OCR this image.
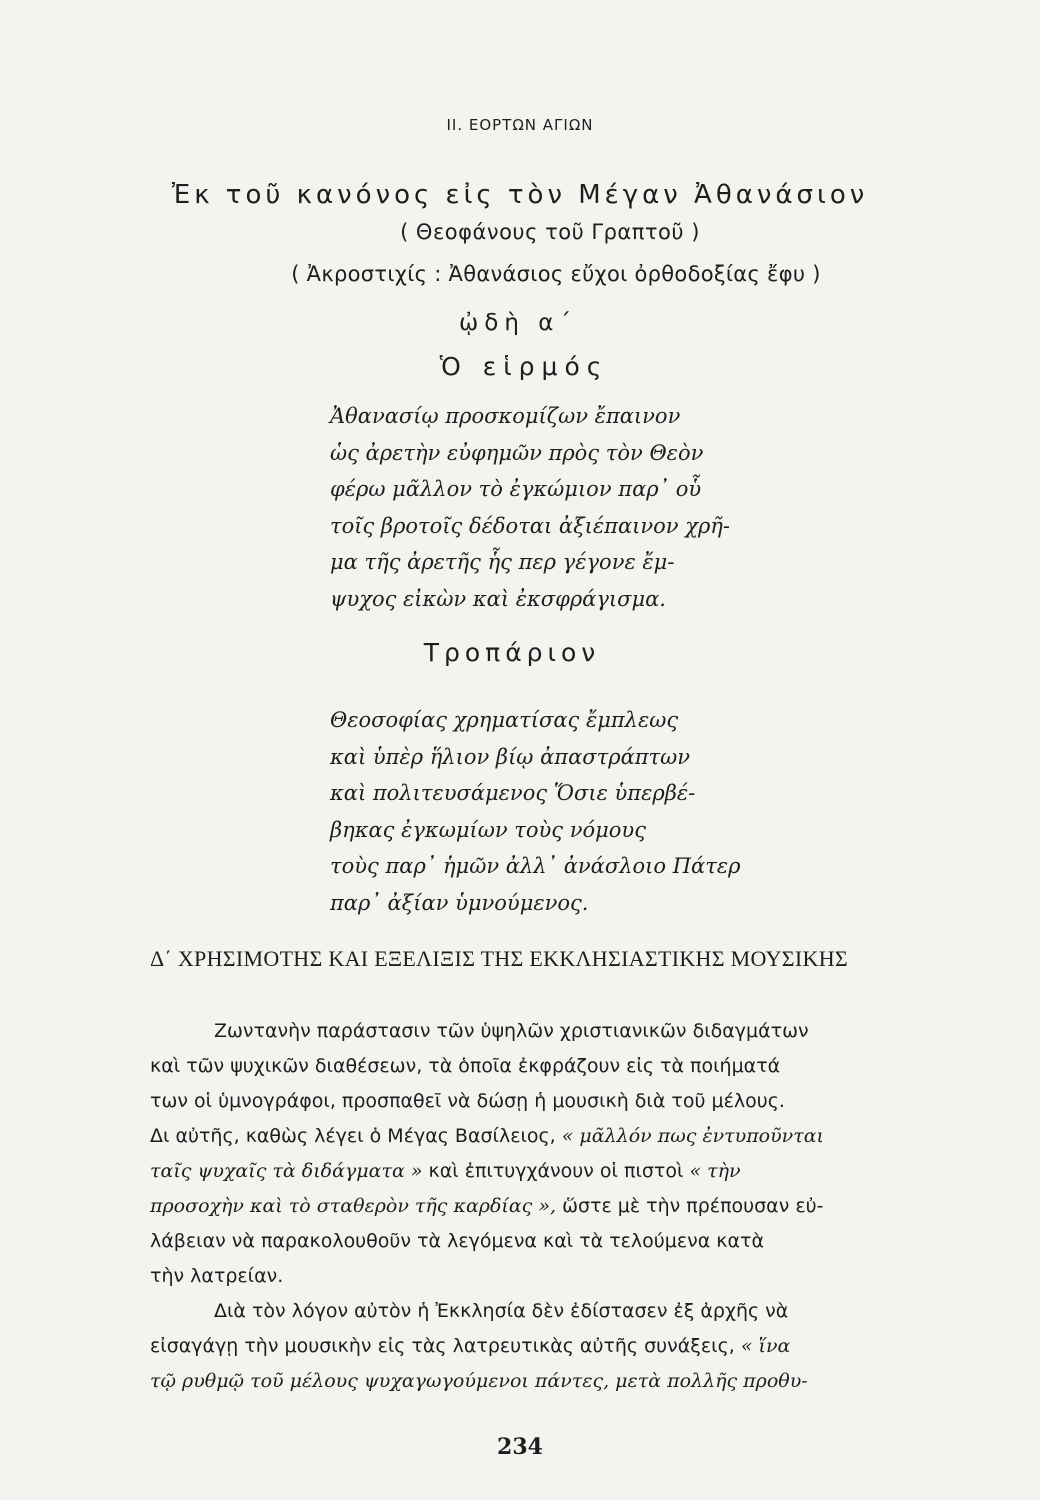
ΙΙ. ΕΟΡΤΩΝ ΑΓΙΩΝ
Ἐκ τοῦ κανόνος εἰς τὸν Μέγαν Ἀθανάσιον
( Θεοφάνους τοῦ Γραπτοῦ )
( Ἀκροστιχίς : Ἀθανάσιος εὔχοι ὀρθοδοξίας ἔφυ )
ᾠδὴ α΄
Ὁ εἱρμός
Ἀθανασίῳ προσκομίζων ἔπαινον
ὡς ἀρετὴν εὐφημῶν πρὸς τὸν Θεὸν
φέρω μᾶλλον τὸ ἐγκώμιον παρ᾽ οὗ
τοῖς βροτοῖς δέδοται ἀξιέπαινον χρῆ-
μα τῆς ἀρετῆς ἧς περ γέγονε ἔμ-
ψυχος εἰκὼν καὶ ἐκσφράγισμα.
Τροπάριον
Θεοσοφίας χρηματίσας ἔμπλεως
καὶ ὑπὲρ ἥλιον βίῳ ἀπαστράπτων
καὶ πολιτευσάμενος Ὅσιε ὑπερβέ-
βηκας ἐγκωμίων τοὺς νόμους
τοὺς παρ᾽ ἡμῶν ἀλλ᾽ ἀνάσλοιο Πάτερ
παρ᾽ ἀξίαν ὑμνούμενος.
Δ΄ ΧΡΗΣΙΜΟΤΗΣ ΚΑΙ ΕΞΕΛΙΞΙΣ ΤΗΣ ΕΚΚΛΗΣΙΑΣΤΙΚΗΣ ΜΟΥΣΙΚΗΣ
Ζωντανὴν παράστασιν τῶν ὑψηλῶν χριστιανικῶν διδαγμάτων
καὶ τῶν ψυχικῶν διαθέσεων, τὰ ὁποῖα ἐκφράζουν εἰς τὰ ποιήματά
των οἱ ὑμνογράφοι, προσπαθεῖ νὰ δώσῃ ἡ μουσικὴ διὰ τοῦ μέλους.
Δι αὐτῆς, καθὼς λέγει ὁ Μέγας Βασίλειος, « μᾶλλόν πως ἐντυποῦνται
ταῖς ψυχαῖς τὰ διδάγματα » καὶ ἐπιτυγχάνουν οἱ πιστοὶ « τὴν
προσοχὴν καὶ τὸ σταθερὸν τῆς καρδίας », ὥστε μὲ τὴν πρέπουσαν εὐ-
λάβειαν νὰ παρακολουθοῦν τὰ λεγόμενα καὶ τὰ τελούμενα κατὰ
τὴν λατρείαν.
Διὰ τὸν λόγον αὐτὸν ἡ Ἐκκλησία δὲν ἐδίστασεν ἐξ ἀρχῆς νὰ
εἰσαγάγῃ τὴν μουσικὴν εἰς τὰς λατρευτικὰς αὐτῆς συνάξεις, « ἵνα
τῷ ρυθμῷ τοῦ μέλους ψυχαγωγούμενοι πάντες, μετὰ πολλῆς προθυ-
234
